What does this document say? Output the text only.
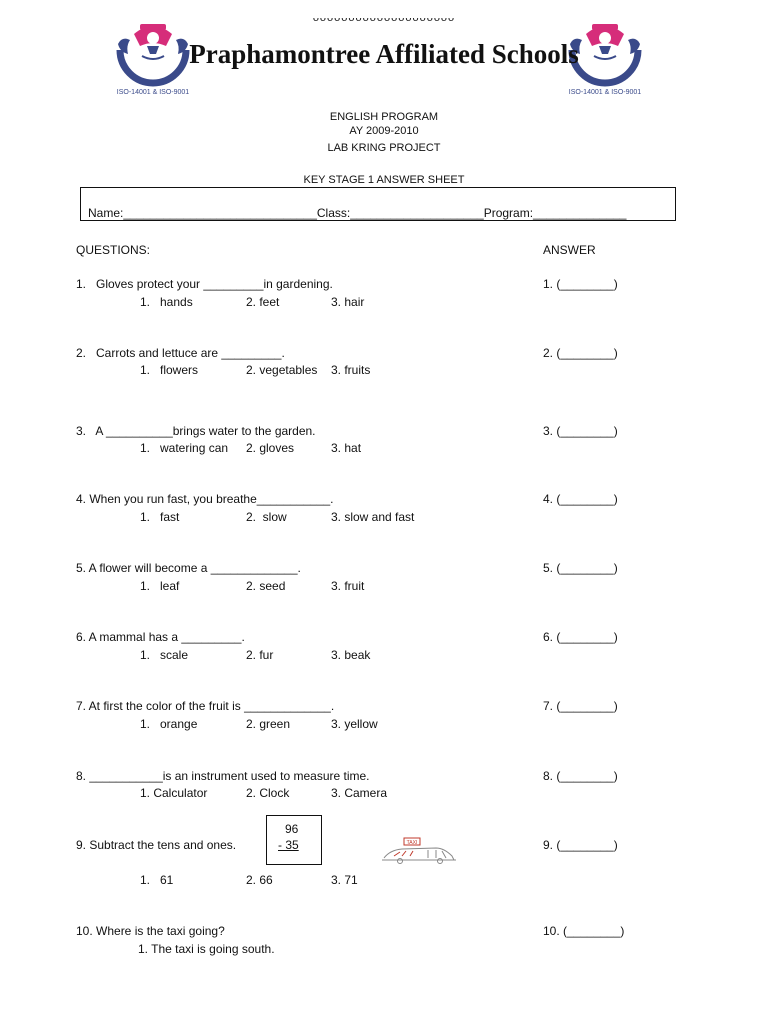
ᴗᴗᴗᴗᴗᴗᴗᴗᴗᴗᴗᴗᴗᴗᴗᴗᴗᴗᴗᴗ
ISO-14001 & ISO-9001	ISO-14001 & ISO-9001
Praphamontree Affiliated Schools
ENGLISH PROGRAM
AY 2009-2010
LAB KRING PROJECT
KEY STAGE 1 ANSWER SHEET
Name:_____________________________Class:____________________Program:______________
QUESTIONS:	ANSWER
1.   Gloves protect your _________in gardening.
1.   hands	2. feet	3. hair
1. (________)
2.   Carrots and lettuce are _________.
1.   flowers	2. vegetables 3. fruits
2. (________)
3.   A __________brings water to the garden.
1.   watering can 2. gloves	3. hat
3. (________)
4. When you run fast, you breathe___________.
1.   fast	2.  slow	3. slow and fast
4. (________)
5. A flower will become a _____________.
1.   leaf	2. seed	3. fruit
5. (________)
6. A mammal has a _________.
1.   scale	2. fur	3. beak
6. (________)
7. At first the color of the fruit is _____________.
1.   orange	2. green	3. yellow
7. (________)
8. ___________is an instrument used to measure time.
1. Calculator	2. Clock	3. Camera
8. (________)
9. Subtract the tens and ones.
96
- 35	TAXI
1.   61	2. 66	3. 71
9. (________)
10. Where is the taxi going?
1. The taxi is going south.
10. (________)
